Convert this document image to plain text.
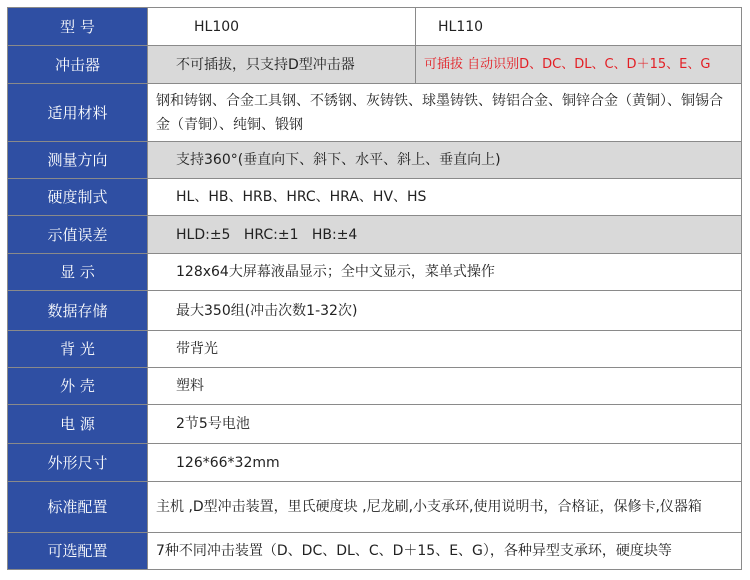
型 号	HL100	HL110
冲击器	不可插拔，只支持D型冲击器	可插拔 自动识别D、DC、DL、C、D＋15、E、G
适用材料	钢和铸钢、合金工具钢、不锈钢、灰铸铁、球墨铸铁、铸铝合金、铜锌合金（黄铜）、铜锡合金（青铜）、纯铜、锻钢	
测量方向	支持360°(垂直向下、斜下、水平、斜上、垂直向上)	
硬度制式	HL、HB、HRB、HRC、HRA、HV、HS	
示值误差	HLD:±5   HRC:±1   HB:±4	
显 示	128x64大屏幕液晶显示；全中文显示，菜单式操作	
数据存储	最大350组(冲击次数1-32次)	
背 光	带背光	
外 壳	塑料	
电 源	2节5号电池	
外形尺寸	126*66*32mm	
标准配置	主机 ,D型冲击装置，里氏硬度块 ,尼龙刷,小支承环,使用说明书，合格证，保修卡,仪器箱	
可选配置	7种不同冲击装置（D、DC、DL、C、D＋15、E、G），各种异型支承环，硬度块等	
